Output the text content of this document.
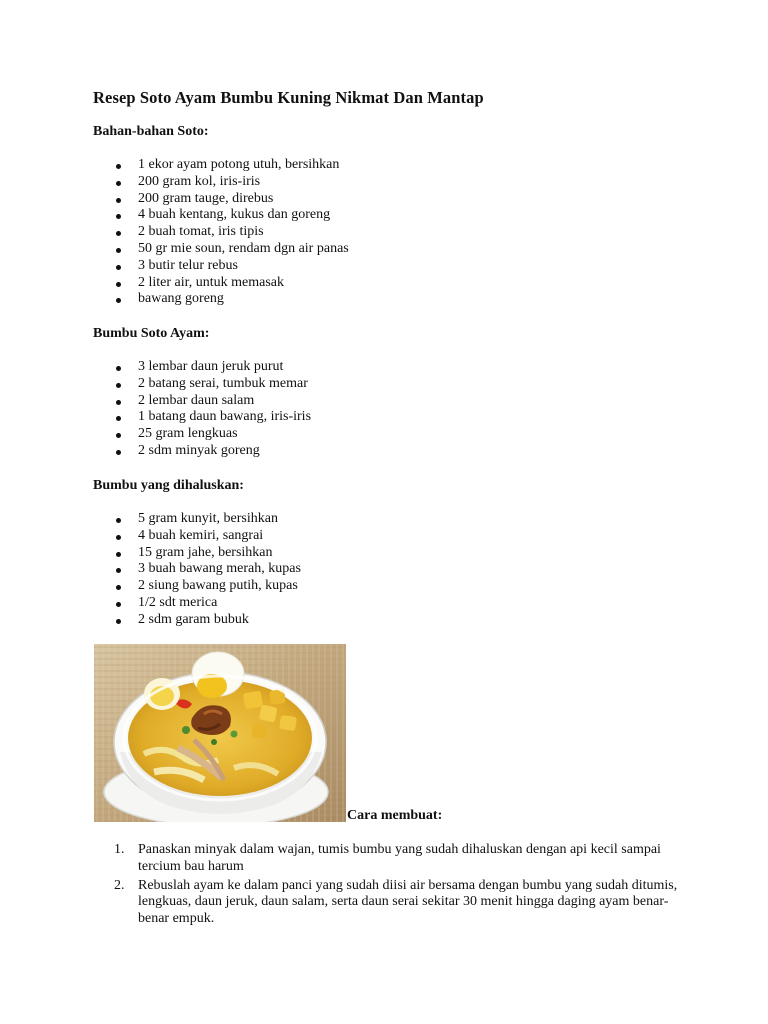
Resep Soto Ayam Bumbu Kuning Nikmat Dan Mantap
Bahan-bahan Soto:
1 ekor ayam potong utuh, bersihkan
200 gram kol, iris-iris
200 gram tauge, direbus
4 buah kentang, kukus dan goreng
2 buah tomat, iris tipis
50 gr mie soun, rendam dgn air panas
3 butir telur rebus
2 liter air, untuk memasak
bawang goreng
Bumbu Soto Ayam:
3 lembar daun jeruk purut
2 batang serai, tumbuk memar
2 lembar daun salam
1 batang daun bawang, iris-iris
25 gram lengkuas
2 sdm minyak goreng
Bumbu yang dihaluskan:
5 gram kunyit, bersihkan
4 buah kemiri, sangrai
15 gram jahe, bersihkan
3 buah bawang merah, kupas
2 siung bawang putih, kupas
1/2 sdt merica
2 sdm garam bubuk
Cara membuat:
1. Panaskan minyak dalam wajan, tumis bumbu yang sudah dihaluskan dengan api kecil sampai tercium bau harum
2. Rebuslah ayam ke dalam panci yang sudah diisi air bersama dengan bumbu yang sudah ditumis, lengkuas, daun jeruk, daun salam, serta daun serai sekitar 30 menit hingga daging ayam benar-benar empuk.
